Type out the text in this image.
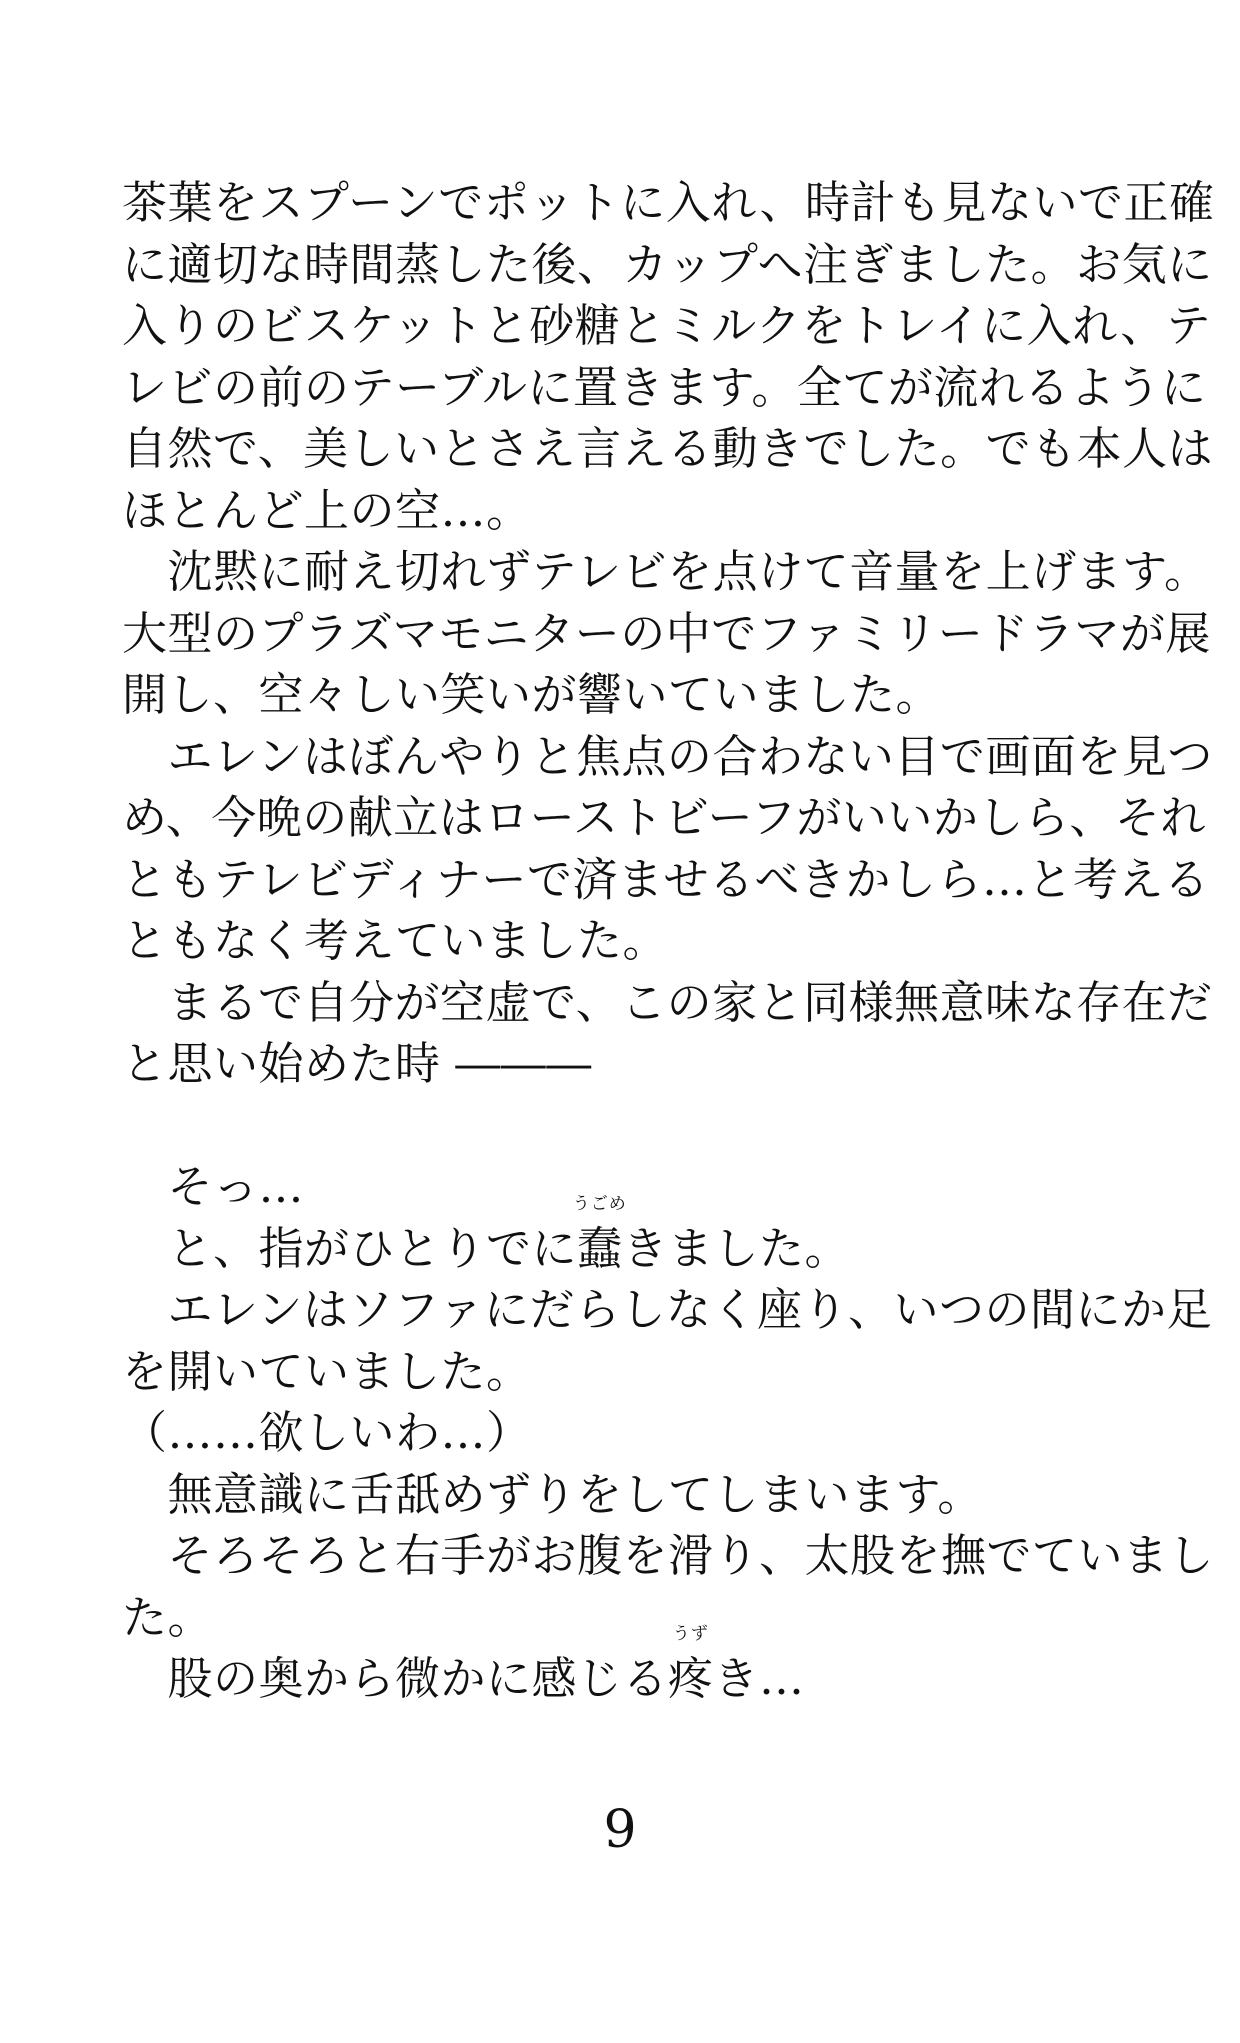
茶葉をスプーンでポットに入れ、時計も見ないで正確
に適切な時間蒸した後、カップへ注ぎました。お気に
入りのビスケットと砂糖とミルクをトレイに入れ、テ
レビの前のテーブルに置きます。全てが流れるように
自然で、美しいとさえ言える動きでした。でも本人は
ほとんど上の空…。
　沈黙に耐え切れずテレビを点けて音量を上げます。
大型のプラズマモニターの中でファミリードラマが展
開し、空々しい笑いが響いていました。
　エレンはぼんやりと焦点の合わない目で画面を見つ
め、今晩の献立はローストビーフがいいかしら、それ
ともテレビディナーで済ませるべきかしら…と考える
ともなく考えていました。
　まるで自分が空虚で、この家と同様無意味な存在だ
と思い始めた時 ―――
　そっ…
　と、指がひとりでに
うごめ
蠢きました。
　エレンはソファにだらしなく座り、いつの間にか足
を開いていました。
（……欲しいわ…）
　無意識に舌舐めずりをしてしまいます。
　そろそろと右手がお腹を滑り、太股を撫でていまし
た。
　股の奥から微かに感じる
うず
疼き…
9
